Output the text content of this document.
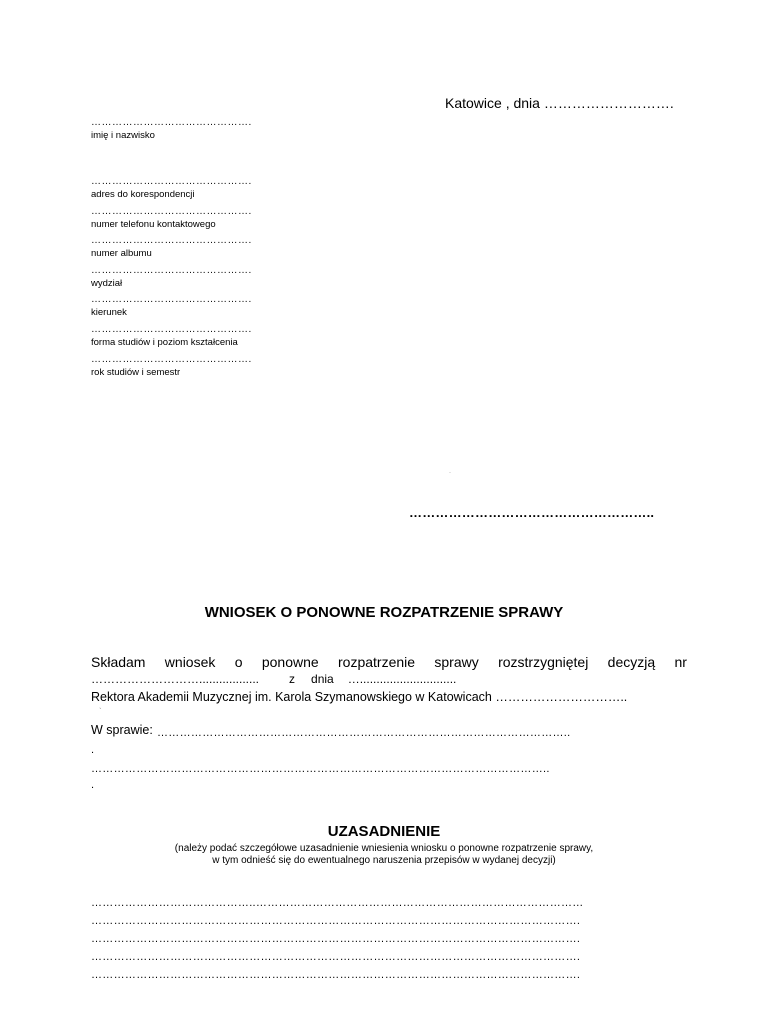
Katowice , dnia ……………………….
……………………………………….
imię i nazwisko
……………………………………….
adres do korespondencji
……………………………………….
numer telefonu kontaktowego
……………………………………….
numer albumu
……………………………………….
wydział
……………………………………….
kierunek
……………………………………….
forma studiów i poziom kształcenia
……………………………………….
rok studiów i semestr
-
………………………………………………..
WNIOSEK O PONOWNE ROZPATRZENIE SPRAWY
Składam wniosek o ponowne rozpatrzenie sprawy rozstrzygniętej decyzją nr
………………………..................	z dnia ….............................
Rektora Akademii Muzycznej im. Karola Szymanowskiego w Katowicach …………………………..
`
W sprawie: ………………………………………………………………………………………………..
.
…………………………………………………………………………………………………………..
.
UZASADNIENIE
(należy podać szczegółowe uzasadnienie wniesienia wniosku o ponowne rozpatrzenie sprawy,
w tym odnieść się do ewentualnego naruszenia przepisów w wydanej decyzji)
……………………………………..……………………………………………………………………………
………………………………………………………………………………………………………………….
………………………………………………………………………………………………………………….
………………………………………………………………………………………………………………….
………………………………………………………………………………………………………………….
